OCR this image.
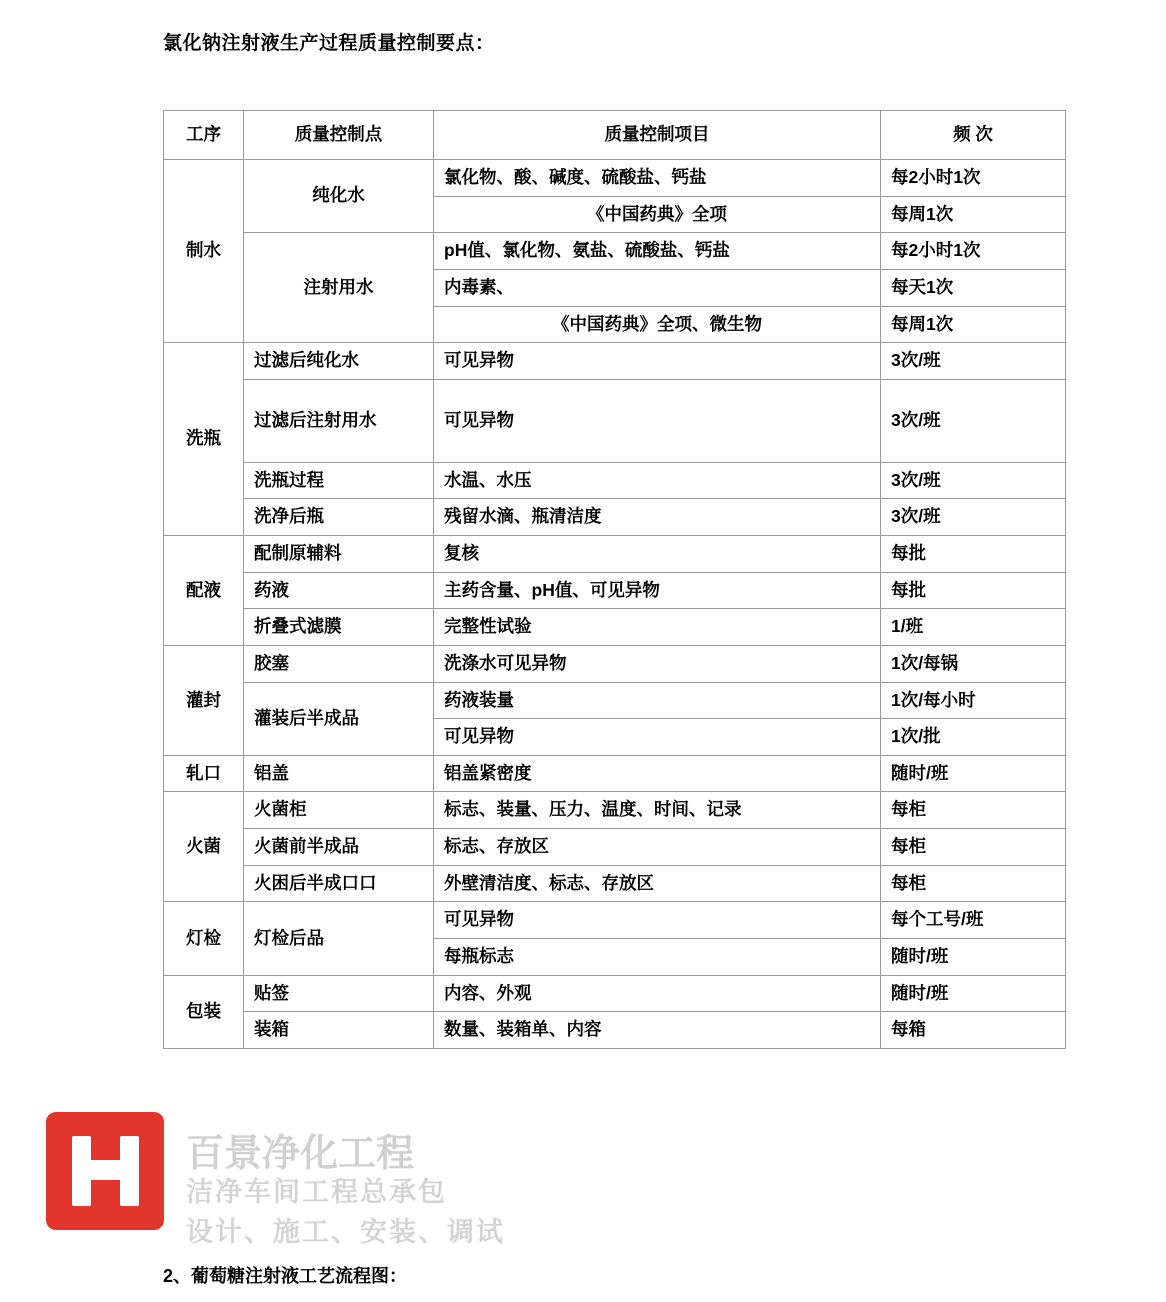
氯化钠注射液生产过程质量控制要点：
工序	质量控制点	质量控制项目	频 次
制水	纯化水	氯化物、酸、碱度、硫酸盐、钙盐	每2小时1次
		《中国药典》全项	每周1次
	注射用水	pH值、氯化物、氨盐、硫酸盐、钙盐	每2小时1次
		内毒素、	每天1次
		《中国药典》全项、微生物	每周1次
洗瓶	过滤后纯化水	可见异物	3次/班
	过滤后注射用水	可见异物	3次/班
	洗瓶过程	水温、水压	3次/班
	洗净后瓶	残留水滴、瓶清洁度	3次/班
配液	配制原辅料	复核	每批
	药液	主药含量、pH值、可见异物	每批
	折叠式滤膜	完整性试验	1/班
灌封	胶塞	洗涤水可见异物	1次/每锅
	灌装后半成品	药液装量	1次/每小时
		可见异物	1次/批
轧口	铝盖	铝盖紧密度	随时/班
火菌	火菌柜	标志、装量、压力、温度、时间、记录	每柜
	火菌前半成品	标志、存放区	每柜
	火困后半成口口	外壁清洁度、标志、存放区	每柜
灯检	灯检后品	可见异物	每个工号/班
		每瓶标志	随时/班
包装	贴签	内容、外观	随时/班
	装箱	数量、装箱单、内容	每箱
2、葡萄糖注射液工艺流程图：
百景净化工程
洁净车间工程总承包
设计、施工、安装、调试
